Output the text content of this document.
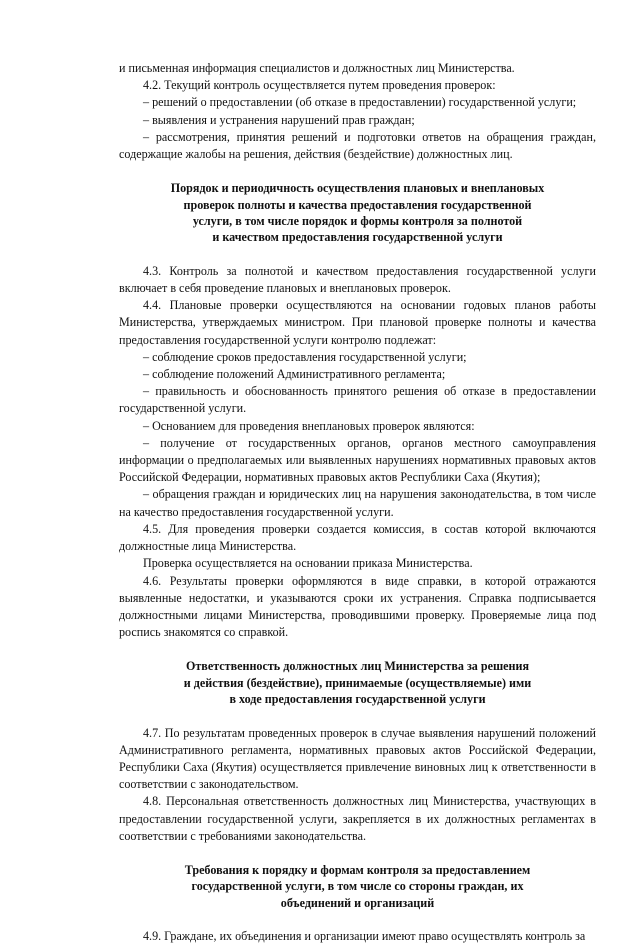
и письменная информация специалистов и должностных лиц Министерства.

4.2. Текущий контроль осуществляется путем проведения проверок:

– решений о предоставлении (об отказе в предоставлении) государственной услуги;

– выявления и устранения нарушений прав граждан;

– рассмотрения, принятия решений и подготовки ответов на обращения граждан, содержащие жалобы на решения, действия (бездействие) должностных лиц.

Порядок и периодичность осуществления плановых и внеплановых
проверок полноты и качества предоставления государственной
услуги, в том числе порядок и формы контроля за полнотой
и качеством предоставления государственной услуги

4.3. Контроль за полнотой и качеством предоставления государственной услуги включает в себя проведение плановых и внеплановых проверок.

4.4. Плановые проверки осуществляются на основании годовых планов работы Министерства, утверждаемых министром. При плановой проверке полноты и качества предоставления государственной услуги контролю подлежат:

– соблюдение сроков предоставления государственной услуги;

– соблюдение положений Административного регламента;

– правильность и обоснованность принятого решения об отказе в предоставлении государственной услуги.

– Основанием для проведения внеплановых проверок являются:

– получение от государственных органов, органов местного самоуправления информации о предполагаемых или выявленных нарушениях нормативных правовых актов Российской Федерации, нормативных правовых актов Республики Саха (Якутия);

– обращения граждан и юридических лиц на нарушения законодательства, в том числе на качество предоставления государственной услуги.

4.5. Для проведения проверки создается комиссия, в состав которой включаются должностные лица Министерства.

Проверка осуществляется на основании приказа Министерства.

4.6. Результаты проверки оформляются в виде справки, в которой отражаются выявленные недостатки, и указываются сроки их устранения. Справка подписывается должностными лицами Министерства, проводившими проверку. Проверяемые лица под роспись знакомятся со справкой.

Ответственность должностных лиц Министерства за решения
и действия (бездействие), принимаемые (осуществляемые) ими
в ходе предоставления государственной услуги

4.7. По результатам проведенных проверок в случае выявления нарушений положений Административного регламента, нормативных правовых актов Российской Федерации, Республики Саха (Якутия) осуществляется привлечение виновных лиц к ответственности в соответствии с законодательством.

4.8. Персональная ответственность должностных лиц Министерства, участвующих в предоставлении государственной услуги, закрепляется в их должностных регламентах в соответствии с требованиями законодательства.

Требования к порядку и формам контроля за предоставлением
государственной услуги, в том числе со стороны граждан, их
объединений и организаций

4.9. Граждане, их объединения и организации имеют право осуществлять контроль за
